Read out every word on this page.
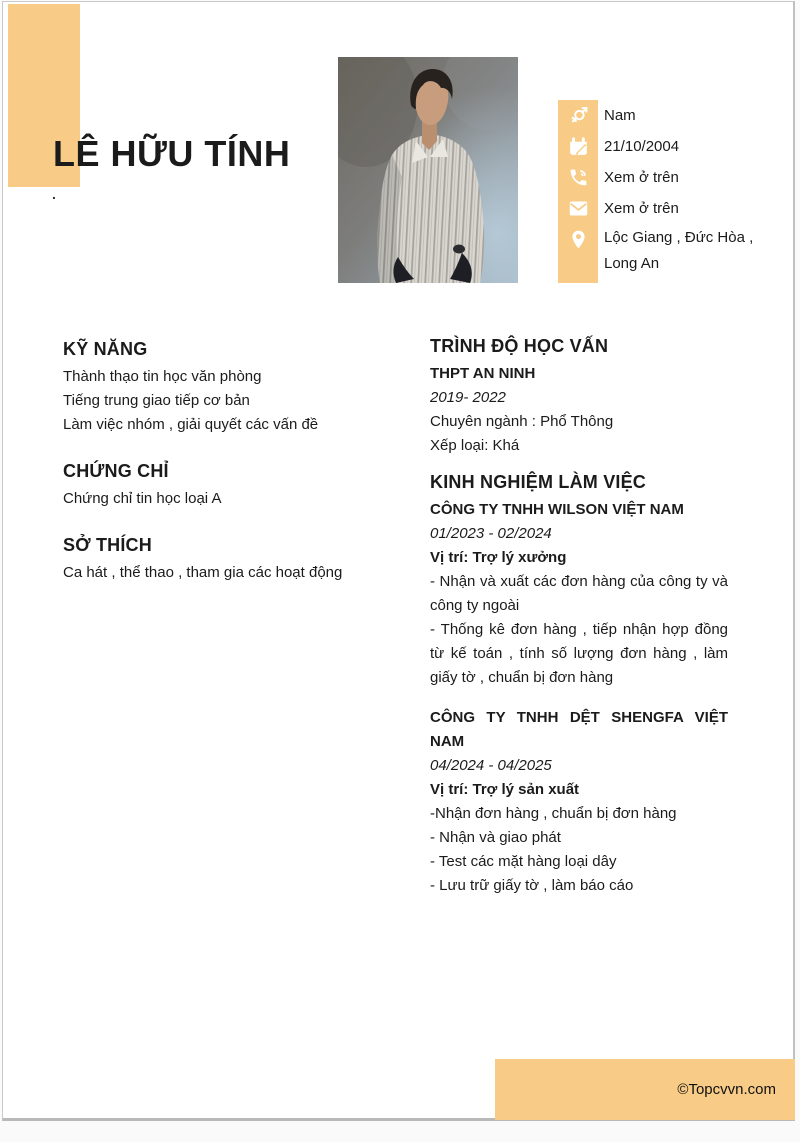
LÊ HỮU TÍNH
.
Nam
21/10/2004
Xem ở trên
Xem ở trên
Lộc Giang , Đức Hòa , Long An
KỸ NĂNG
Thành thạo tin học văn phòng
Tiếng trung giao tiếp cơ bản
Làm việc nhóm , giải quyết các vấn đề
CHỨNG CHỈ
Chứng chỉ tin học loại A
SỞ THÍCH
Ca hát , thể thao , tham gia các hoạt động
TRÌNH ĐỘ HỌC VẤN
THPT AN NINH
2019- 2022
Chuyên ngành : Phổ Thông
Xếp loại: Khá
KINH NGHIỆM LÀM VIỆC
CÔNG TY TNHH WILSON VIỆT NAM
01/2023 - 02/2024
Vị trí: Trợ lý xưởng

- Nhận và xuất các đơn hàng của công ty và công ty ngoài

- Thống kê đơn hàng , tiếp nhận hợp đồng từ kế toán , tính số lượng đơn hàng , làm giấy tờ , chuẩn bị đơn hàng

CÔNG TY TNHH DỆT SHENGFA VIỆT NAM
04/2024 - 04/2025
Vị trí: Trợ lý sản xuất

-Nhận đơn hàng , chuẩn bị đơn hàng

- Nhận và giao phát

- Test các mặt hàng loại dây

- Lưu trữ giấy tờ , làm báo cáo

©Topcvvn.com
